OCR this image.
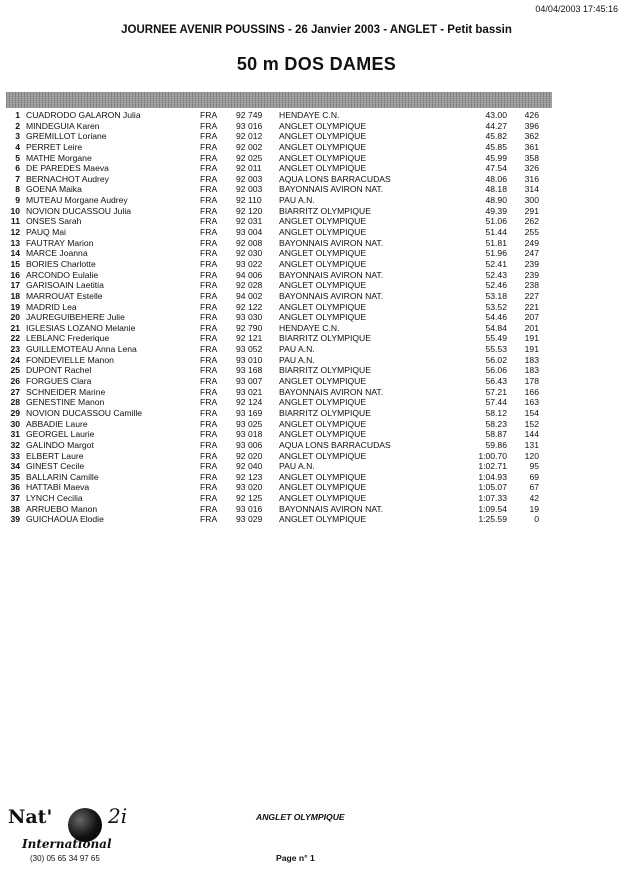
04/04/2003 17:45:16
JOURNEE AVENIR POUSSINS - 26 Janvier 2003 - ANGLET - Petit bassin
50 m DOS DAMES
1 CUADRODO GALARON Julia	FRA 92 749 HENDAYE C.N.	43.00 426
2 MINDEGUIA Karen	FRA 93 016 ANGLET OLYMPIQUE	44.27 396
3 GREMILLOT Loriane	FRA 92 012 ANGLET OLYMPIQUE	45.82 362
4 PERRET Leire	FRA 92 002 ANGLET OLYMPIQUE	45.85 361
5 MATHE Morgane	FRA 92 025 ANGLET OLYMPIQUE	45.99 358
6 DE PAREDES Maeva	FRA 92 011 ANGLET OLYMPIQUE	47.54 326
7 BERNACHOT Audrey	FRA 92 003 AQUA LONS BARRACUDAS	48.06 316
8 GOENA Maika	FRA 92 003 BAYONNAIS AVIRON NAT.	48.18 314
9 MUTEAU Morgane Audrey	FRA 92 110 PAU A.N.	48.90 300
10 NOVION DUCASSOU Julia	FRA 92 120 BIARRITZ OLYMPIQUE	49.39 291
11 ONSES Sarah	FRA 92 031 ANGLET OLYMPIQUE	51.06 262
12 PAUQ Mai	FRA 93 004 ANGLET OLYMPIQUE	51.44 255
13 FAUTRAY Marion	FRA 92 008 BAYONNAIS AVIRON NAT.	51.81 249
14 MARCE Joanna	FRA 92 030 ANGLET OLYMPIQUE	51.96 247
15 BORIES Charlotte	FRA 93 022 ANGLET OLYMPIQUE	52.41 239
16 ARCONDO Eulalie	FRA 94 006 BAYONNAIS AVIRON NAT.	52.43 239
17 GARISOAIN Laetitia	FRA 92 028 ANGLET OLYMPIQUE	52.46 238
18 MARROUAT Estelle	FRA 94 002 BAYONNAIS AVIRON NAT.	53.18 227
19 MADRID Lea	FRA 92 122 ANGLET OLYMPIQUE	53.52 221
20 JAUREGUIBEHERE Julie	FRA 93 030 ANGLET OLYMPIQUE	54.46 207
21 IGLESIAS LOZANO Melanie	FRA 92 790 HENDAYE C.N.	54.84 201
22 LEBLANC Frederique	FRA 92 121 BIARRITZ OLYMPIQUE	55.49 191
23 GUILLEMOTEAU Anna Lena	FRA 93 052 PAU A.N.	55.53 191
24 FONDEVIELLE Manon	FRA 93 010 PAU A.N.	56.02 183
25 DUPONT Rachel	FRA 93 168 BIARRITZ OLYMPIQUE	56.06 183
26 FORGUES Clara	FRA 93 007 ANGLET OLYMPIQUE	56.43 178
27 SCHNEIDER Marine	FRA 93 021 BAYONNAIS AVIRON NAT.	57.21 166
28 GENESTINE Manon	FRA 92 124 ANGLET OLYMPIQUE	57.44 163
29 NOVION DUCASSOU Camille	FRA 93 169 BIARRITZ OLYMPIQUE	58.12 154
30 ABBADIE Laure	FRA 93 025 ANGLET OLYMPIQUE	58.23 152
31 GEORGEL Laurie	FRA 93 018 ANGLET OLYMPIQUE	58.87 144
32 GALINDO Margot	FRA 93 006 AQUA LONS BARRACUDAS	59.86 131
33 ELBERT Laure	FRA 92 020 ANGLET OLYMPIQUE	1:00.70 120
34 GINEST Cecile	FRA 92 040 PAU A.N.	1:02.71	95
35 BALLARIN Camille	FRA 92 123 ANGLET OLYMPIQUE	1:04.93	69
36 HATTABI Maeva	FRA 93 020 ANGLET OLYMPIQUE	1:05.07	67
37 LYNCH Cecilia	FRA 92 125 ANGLET OLYMPIQUE	1:07.33	42
38 ARRUEBO Manon	FRA 93 016 BAYONNAIS AVIRON NAT.	1:09.54	19
39 GUICHAOUA Elodie	FRA 93 029 ANGLET OLYMPIQUE	1:25.59	0
Nat'	2i
International
(30) 05 65 34 97 65
ANGLET OLYMPIQUE
Page n° 1
